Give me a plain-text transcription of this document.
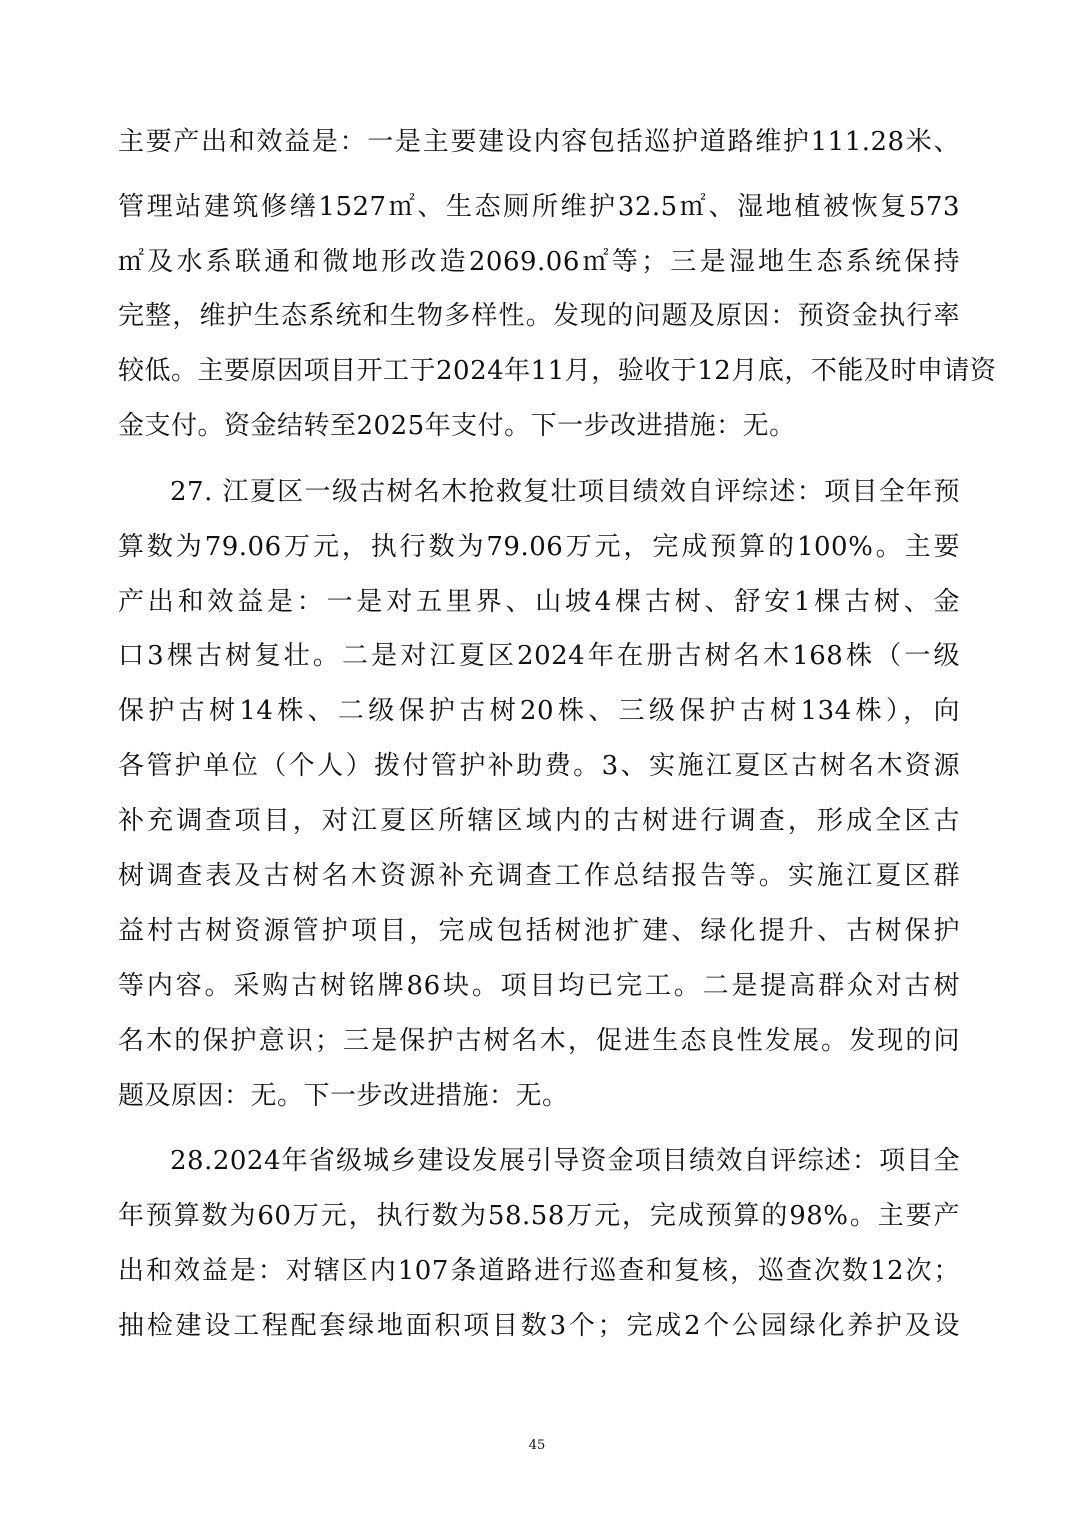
主要产出和效益是：一是主要建设内容包括巡护道路维护111.28米、
管理站建筑修缮1527㎡、生态厕所维护32.5㎡、湿地植被恢复573
㎡及水系联通和微地形改造2069.06㎡等；三是湿地生态系统保持
完整，维护生态系统和生物多样性。发现的问题及原因：预资金执行率
较低。主要原因项目开工于2024年11月，验收于12月底，不能及时申请资
金支付。资金结转至2025年支付。下一步改进措施：无。
27. 江夏区一级古树名木抢救复壮项目绩效自评综述：项目全年预
算数为79.06万元，执行数为79.06万元，完成预算的100%。主要
产出和效益是：一是对五里界、山坡4棵古树、舒安1棵古树、金
口3棵古树复壮。二是对江夏区2024年在册古树名木168株（一级
保护古树14株、二级保护古树20株、三级保护古树134株），向
各管护单位（个人）拨付管护补助费。3、实施江夏区古树名木资源
补充调查项目，对江夏区所辖区域内的古树进行调查，形成全区古
树调查表及古树名木资源补充调查工作总结报告等。实施江夏区群
益村古树资源管护项目，完成包括树池扩建、绿化提升、古树保护
等内容。采购古树铭牌86块。项目均已完工。二是提高群众对古树
名木的保护意识；三是保护古树名木，促进生态良性发展。发现的问
题及原因：无。下一步改进措施：无。
28.2024年省级城乡建设发展引导资金项目绩效自评综述：项目全
年预算数为60万元，执行数为58.58万元，完成预算的98%。主要产
出和效益是：对辖区内107条道路进行巡查和复核，巡查次数12次；
抽检建设工程配套绿地面积项目数3个；完成2个公园绿化养护及设
45
